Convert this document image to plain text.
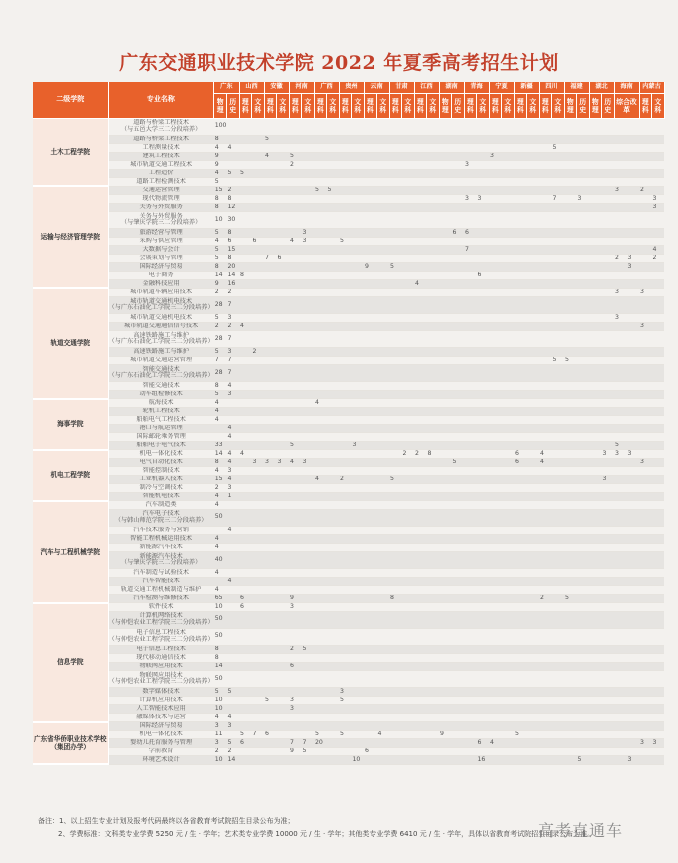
广东交通职业技术学院 2022 年夏季高考招生计划
二级学院	专业名称	广东		山西		安徽		河南		广西		贵州		云南		甘肃		江西		湖南		青海		宁夏		新疆		四川		福建		湖北		海南		内蒙古	
		物理	历史	理科	文科	理科	文科	理科	文科	理科	文科	理科	文科	理科	文科	理科	文科	理科	文科	物理	历史	理科	文科	理科	文科	理科	文科	理科	文科	物理	历史	物理	历史	综合改革		理科	文科
土木工程学院	道路与桥梁工程技术
（与五邑大学三二分段培养）	100																																			

	道路与桥梁工程技术	8				5																															

	工程测量技术	4	4																										5								

	建筑工程技术	9				4		5																3													

	城市轨道交通工程技术	9						2														3															

	工程造价	4	5	5																																	

	道路工程检测技术	5																																			
运输与经济管理学院	交通运营管理	15	2							5	5																							3		2	

	现代物流管理	8	8																			3	3						7		3						3

	关务与外贸服务	8	12																																		3

	关务与外贸服务
（与肇庆学院三二分段培养）	10	30																																		

	旅游经营与管理	5	8						3												6	6															

	采购与供应管理	4	6		6			4	3			5																									

	大数据与会计	5	15																			7															4

	会展策划与管理	5	8			7	6																											2	3		2

	国际经济与贸易	8	20											9		5																			3		

	电子商务	14	14	8																			6														

	金融科技应用	9	16															4																			
轨道交通学院	城市轨道车辆应用技术	2	2																															3		3	

	城市轨道交通机电技术
（与广东石油化工学院三二分段培养）	28	7																																		

	城市轨道交通机电技术	5	3																															3			

	城市轨道交通通信信号技术	2	2	4																																3	

	高速铁路施工与维护
（与广东石油化工学院三二分段培养）	28	7																																		

	高速铁路施工与维护	5	3		2																																

	城市轨道交通运营管理	7	7																										5	5							

	智能交通技术
（与广东石油化工学院三二分段培养）	28	7																																		

	智能交通技术	8	4																																		

	动车组检修技术	5	3																																		
海事学院	航海技术	4								4																											

	轮机工程技术	4																																			

	船舶电气工程技术	4																																			

	港口与航运管理		4																																		

	国际邮轮乘务管理		4																																		

	船舶电子电气技术	33						5					3																					5			
机电工程学院	机电一体化技术	14	4	4													2	2	8							6		4					3	3	3		

	电气自动化技术	8	4		3	3	3	4	3												5					6		4								3	

	智能控制技术	4	3																																		

	工业机器人技术	15	4							4		2				5																	3				

	制冷与空调技术	2	3																																		

	智能机电技术	4	1																																		
汽车与工程机械学院	汽车制造类	4																																			

	汽车电子技术
（与韩山师范学院三二分段培养）	50																																			

	汽车技术服务与营销		4																																		

	智能工程机械运用技术	4																																			

	新能源汽车技术	4																																			

	新能源汽车技术
（与肇庆学院三二分段培养）	40																																			

	汽车制造与试验技术	4																																			

	汽车智能技术		4																																		

	轨道交通工程机械制造与维护	4																																			

	汽车检测与维修技术	65		6				9								8												2		5							
信息学院	软件技术	10		6				3																													

	计算机网络技术
（与仲恺农业工程学院三二分段培养）	50																																			

	电子信息工程技术
（与仲恺农业工程学院三二分段培养）	50																																			

	电子信息工程技术	8						2	5																												

	现代移动通信技术	8																																			

	物联网应用技术	14						6																													

	物联网应用技术
（与仲恺农业工程学院三二分段培养）	50																																			

	数字媒体技术	5	5									3																									

	计算机应用技术	10				5		3				5																									

	人工智能技术应用	10						3																													

	融媒体技术与运营	4	4																																		
广东省华侨职业技术学校（集团办学）	国际经济与贸易	3	3																																		

	机电一体化技术	11		5	7	6				5		5			4					9						5											

	婴幼儿托育服务与管理	3	5	6				7	7	20													6	4												3	3

	学前教育	2	2					9	5					6																							

	环境艺术设计	10	14										10										16								5				3		
备注：1、以上招生专业计划及报考代码最终以各省教育考试院招生目录公布为准；
2、学费标准：文科类专业学费 5250 元 / 生 · 学年；艺术类专业学费 10000 元 / 生 · 学年；其他类专业学费 6410 元 / 生 · 学年，具体以省教育考试院招生目录公布为准。
高考直通车
